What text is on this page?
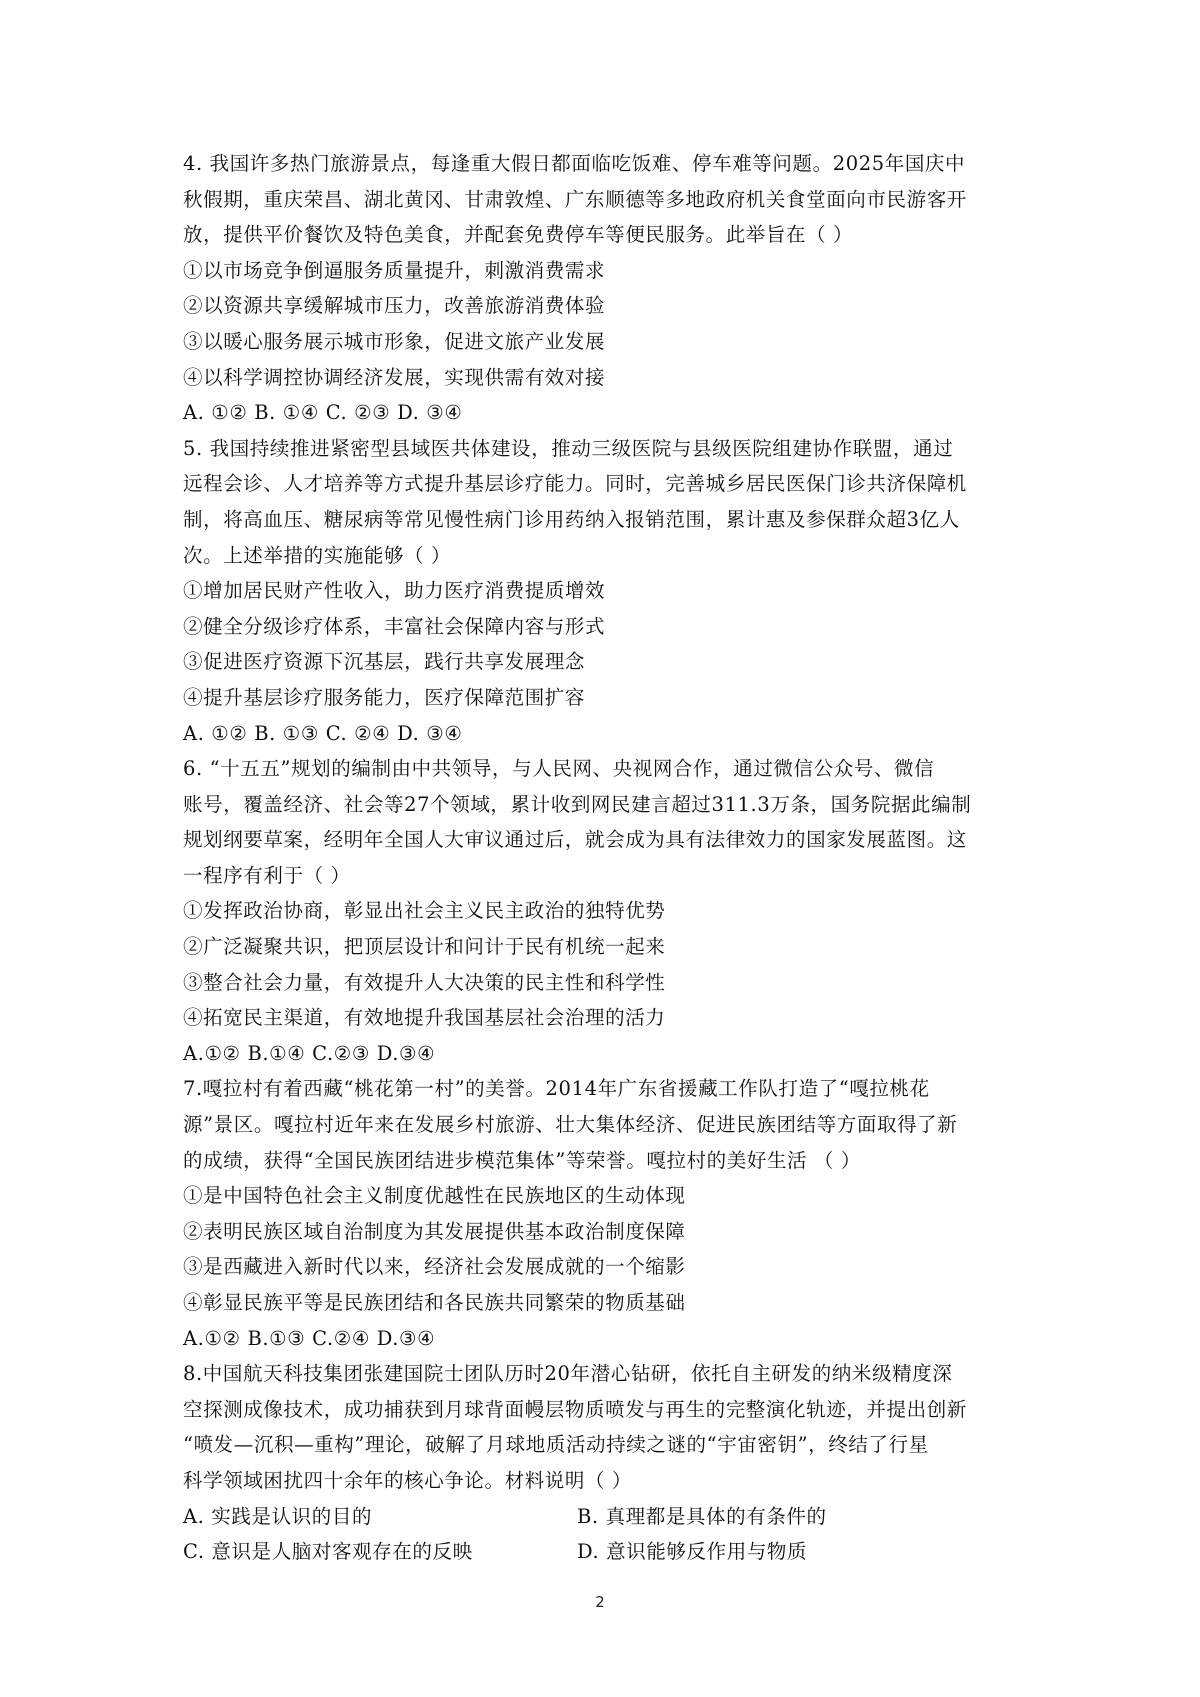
4. 我国许多热门旅游景点，每逢重大假日都面临吃饭难、停车难等问题。2025年国庆中
秋假期，重庆荣昌、湖北黄冈、甘肃敦煌、广东顺德等多地政府机关食堂面向市民游客开
放，提供平价餐饮及特色美食，并配套免费停车等便民服务。此举旨在（ ）
①以市场竞争倒逼服务质量提升，刺激消费需求
②以资源共享缓解城市压力，改善旅游消费体验
③以暖心服务展示城市形象，促进文旅产业发展
④以科学调控协调经济发展，实现供需有效对接
A. ①② B. ①④ C. ②③ D. ③④
5. 我国持续推进紧密型县域医共体建设，推动三级医院与县级医院组建协作联盟，通过
远程会诊、人才培养等方式提升基层诊疗能力。同时，完善城乡居民医保门诊共济保障机
制，将高血压、糖尿病等常见慢性病门诊用药纳入报销范围，累计惠及参保群众超3亿人
次。上述举措的实施能够（ ）
①增加居民财产性收入，助力医疗消费提质增效
②健全分级诊疗体系，丰富社会保障内容与形式
③促进医疗资源下沉基层，践行共享发展理念
④提升基层诊疗服务能力，医疗保障范围扩容
A. ①② B. ①③ C. ②④ D. ③④
6. “十五五”规划的编制由中共领导，与人民网、央视网合作，通过微信公众号、微信
账号，覆盖经济、社会等27个领域，累计收到网民建言超过311.3万条，国务院据此编制
规划纲要草案，经明年全国人大审议通过后，就会成为具有法律效力的国家发展蓝图。这
一程序有利于（ ）
①发挥政治协商，彰显出社会主义民主政治的独特优势
②广泛凝聚共识，把顶层设计和问计于民有机统一起来
③整合社会力量，有效提升人大决策的民主性和科学性
④拓宽民主渠道，有效地提升我国基层社会治理的活力
A.①② B.①④ C.②③ D.③④
7.嘎拉村有着西藏“桃花第一村”的美誉。2014年广东省援藏工作队打造了“嘎拉桃花
源”景区。嘎拉村近年来在发展乡村旅游、壮大集体经济、促进民族团结等方面取得了新
的成绩，获得“全国民族团结进步模范集体”等荣誉。嘎拉村的美好生活 （ ）
①是中国特色社会主义制度优越性在民族地区的生动体现
②表明民族区域自治制度为其发展提供基本政治制度保障
③是西藏进入新时代以来，经济社会发展成就的一个缩影
④彰显民族平等是民族团结和各民族共同繁荣的物质基础
A.①② B.①③ C.②④ D.③④
8.中国航天科技集团张建国院士团队历时20年潜心钻研，依托自主研发的纳米级精度深
空探测成像技术，成功捕获到月球背面幔层物质喷发与再生的完整演化轨迹，并提出创新
“喷发—沉积—重构”理论，破解了月球地质活动持续之谜的“宇宙密钥”，终结了行星
科学领域困扰四十余年的核心争论。材料说明（ ）
A. 实践是认识的目的	B. 真理都是具体的有条件的
C. 意识是人脑对客观存在的反映	D. 意识能够反作用与物质
2
